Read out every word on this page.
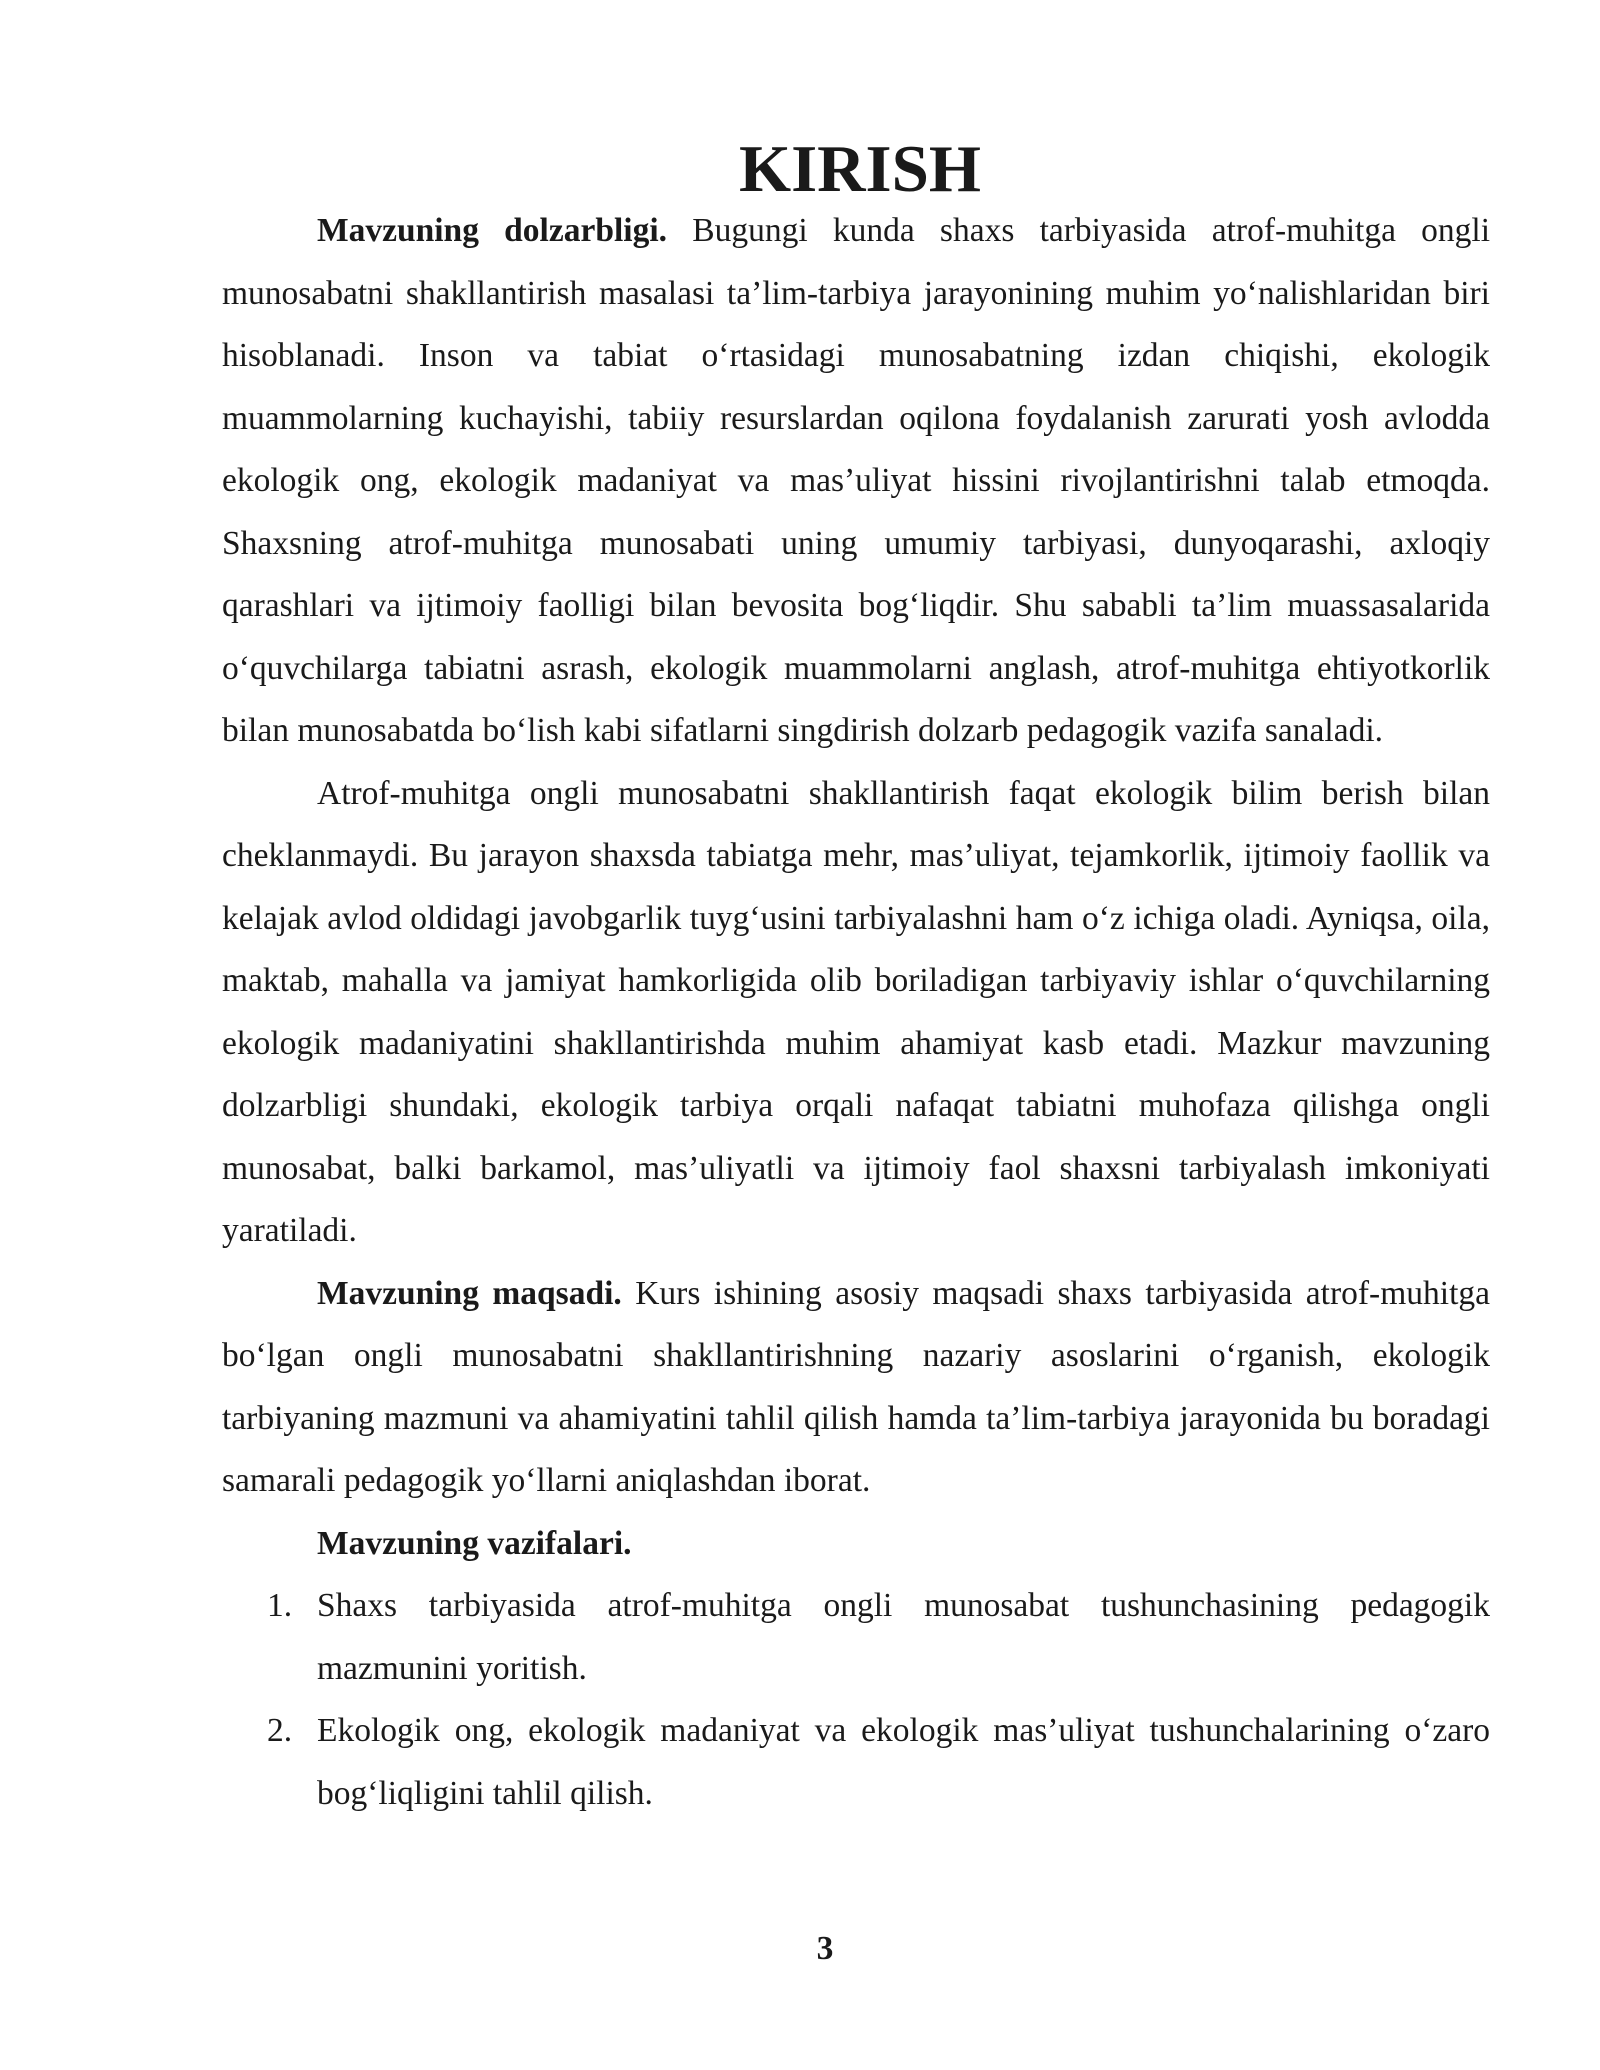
KIRISH

Mavzuning dolzarbligi. Bugungi kunda shaxs tarbiyasida atrof-muhitga ongli munosabatni shakllantirish masalasi ta’lim-tarbiya jarayonining muhim yo‘nalishlaridan biri hisoblanadi. Inson va tabiat o‘rtasidagi munosabatning izdan chiqishi, ekologik muammolarning kuchayishi, tabiiy resurslardan oqilona foydalanish zarurati yosh avlodda ekologik ong, ekologik madaniyat va mas’uliyat hissini rivojlantirishni talab etmoqda. Shaxsning atrof-muhitga munosabati uning umumiy tarbiyasi, dunyoqarashi, axloqiy qarashlari va ijtimoiy faolligi bilan bevosita bog‘liqdir. Shu sababli ta’lim muassasalarida o‘quvchilarga tabiatni asrash, ekologik muammolarni anglash, atrof-muhitga ehtiyotkorlik bilan munosabatda bo‘lish kabi sifatlarni singdirish dolzarb pedagogik vazifa sanaladi.

Atrof-muhitga ongli munosabatni shakllantirish faqat ekologik bilim berish bilan cheklanmaydi. Bu jarayon shaxsda tabiatga mehr, mas’uliyat, tejamkorlik, ijtimoiy faollik va kelajak avlod oldidagi javobgarlik tuyg‘usini tarbiyalashni ham o‘z ichiga oladi. Ayniqsa, oila, maktab, mahalla va jamiyat hamkorligida olib boriladigan tarbiyaviy ishlar o‘quvchilarning ekologik madaniyatini shakllantirishda muhim ahamiyat kasb etadi. Mazkur mavzuning dolzarbligi shundaki, ekologik tarbiya orqali nafaqat tabiatni muhofaza qilishga ongli munosabat, balki barkamol, mas’uliyatli va ijtimoiy faol shaxsni tarbiyalash imkoniyati yaratiladi.

Mavzuning maqsadi. Kurs ishining asosiy maqsadi shaxs tarbiyasida atrof-muhitga bo‘lgan ongli munosabatni shakllantirishning nazariy asoslarini o‘rganish, ekologik tarbiyaning mazmuni va ahamiyatini tahlil qilish hamda ta’lim-tarbiya jarayonida bu boradagi samarali pedagogik yo‘llarni aniqlashdan iborat.

Mavzuning vazifalari.
1. Shaxs tarbiyasida atrof-muhitga ongli munosabat tushunchasining pedagogik mazmunini yoritish.
2. Ekologik ong, ekologik madaniyat va ekologik mas’uliyat tushunchalarining o‘zaro bog‘liqligini tahlil qilish.
3
